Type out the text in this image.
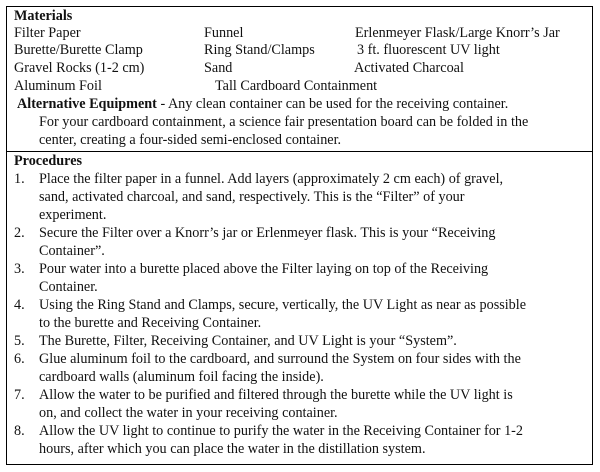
Materials
Filter Paper	Funnel	Erlenmeyer Flask/Large Knorr’s Jar
Burette/Burette Clamp	Ring Stand/Clamps	3 ft. fluorescent UV light
Gravel Rocks (1-2 cm)	Sand	Activated Charcoal
Aluminum Foil	Tall Cardboard Containment
Alternative Equipment - Any clean container can be used for the receiving container.
For your cardboard containment, a science fair presentation board can be folded in the
center, creating a four-sided semi-enclosed container.
Procedures
1. Place the filter paper in a funnel. Add layers (approximately 2 cm each) of gravel,
sand, activated charcoal, and sand, respectively. This is the “Filter” of your
experiment.
2. Secure the Filter over a Knorr’s jar or Erlenmeyer flask. This is your “Receiving
Container”.
3. Pour water into a burette placed above the Filter laying on top of the Receiving
Container.
4. Using the Ring Stand and Clamps, secure, vertically, the UV Light as near as possible
to the burette and Receiving Container.
5. The Burette, Filter, Receiving Container, and UV Light is your “System”.
6. Glue aluminum foil to the cardboard, and surround the System on four sides with the
cardboard walls (aluminum foil facing the inside).
7. Allow the water to be purified and filtered through the burette while the UV light is
on, and collect the water in your receiving container.
8. Allow the UV light to continue to purify the water in the Receiving Container for 1-2
hours, after which you can place the water in the distillation system.
